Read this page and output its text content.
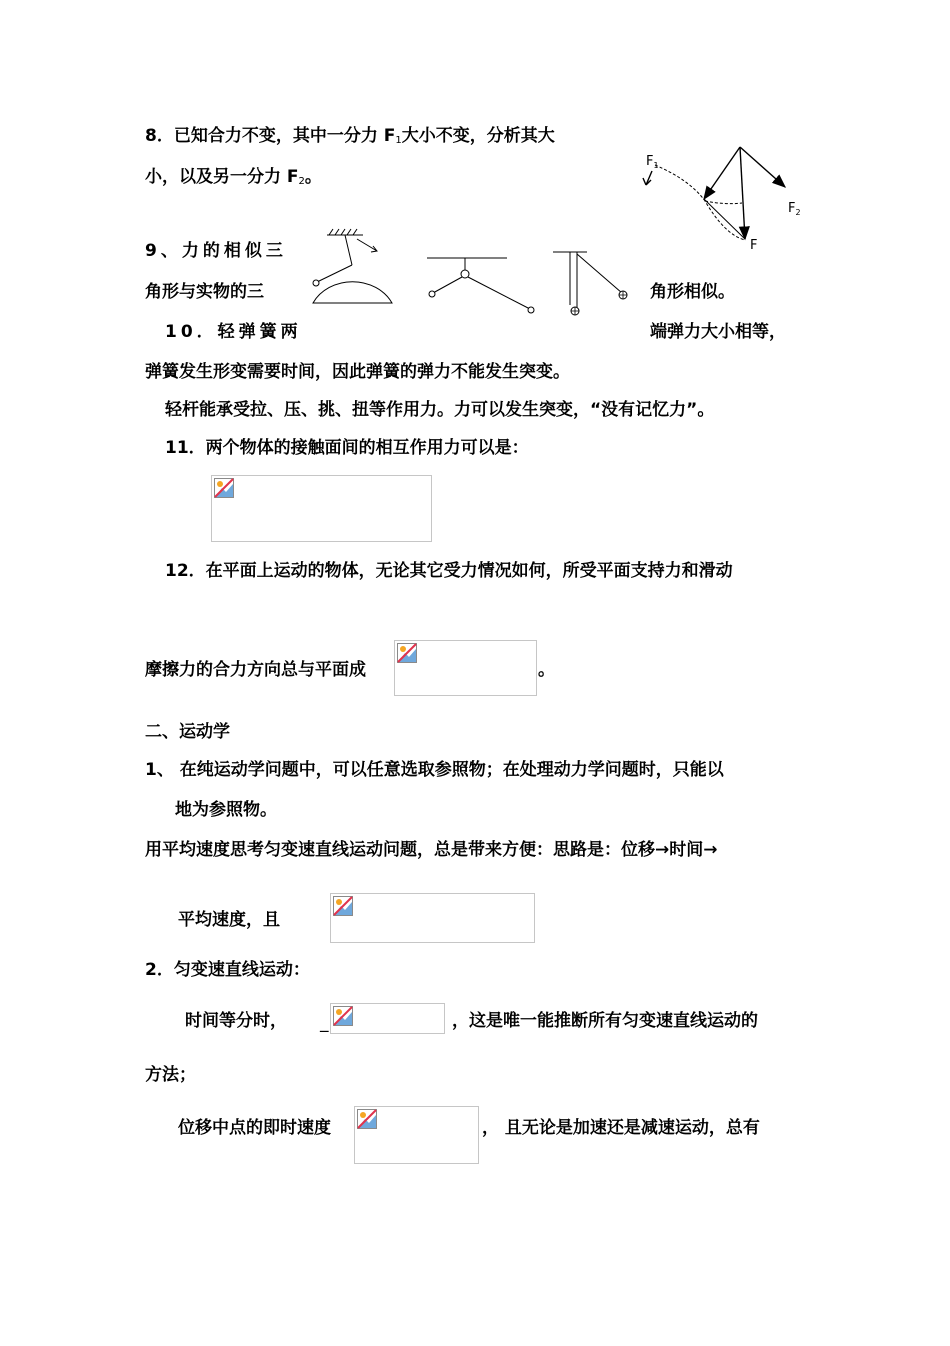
8．已知合力不变，其中一分力 $F_1$大小不变，分析其大
小，以及另一分力 $F_2$。
$F_1$
$F_2$
F
9、力的相似三
角形与实物的三	角形相似。
10．轻弹簧两	端弹力大小相等，
弹簧发生形变需要时间，因此弹簧的弹力不能发生突变。
轻杆能承受拉、压、挑、扭等作用力。力可以发生突变，“没有记忆力”。
11．两个物体的接触面间的相互作用力可以是：
12．在平面上运动的物体，无论其它受力情况如何，所受平面支持力和滑动
摩擦力的合力方向总与平面成	。
二、运动学
1、 在纯运动学问题中，可以任意选取参照物；在处理动力学问题时，只能以
地为参照物。
用平均速度思考匀变速直线运动问题，总是带来方便：思路是：位移→时间→
平均速度，且
2．匀变速直线运动：
时间等分时， _	，这是唯一能推断所有匀变速直线运动的
方法；
位移中点的即时速度	， 且无论是加速还是减速运动，总有
